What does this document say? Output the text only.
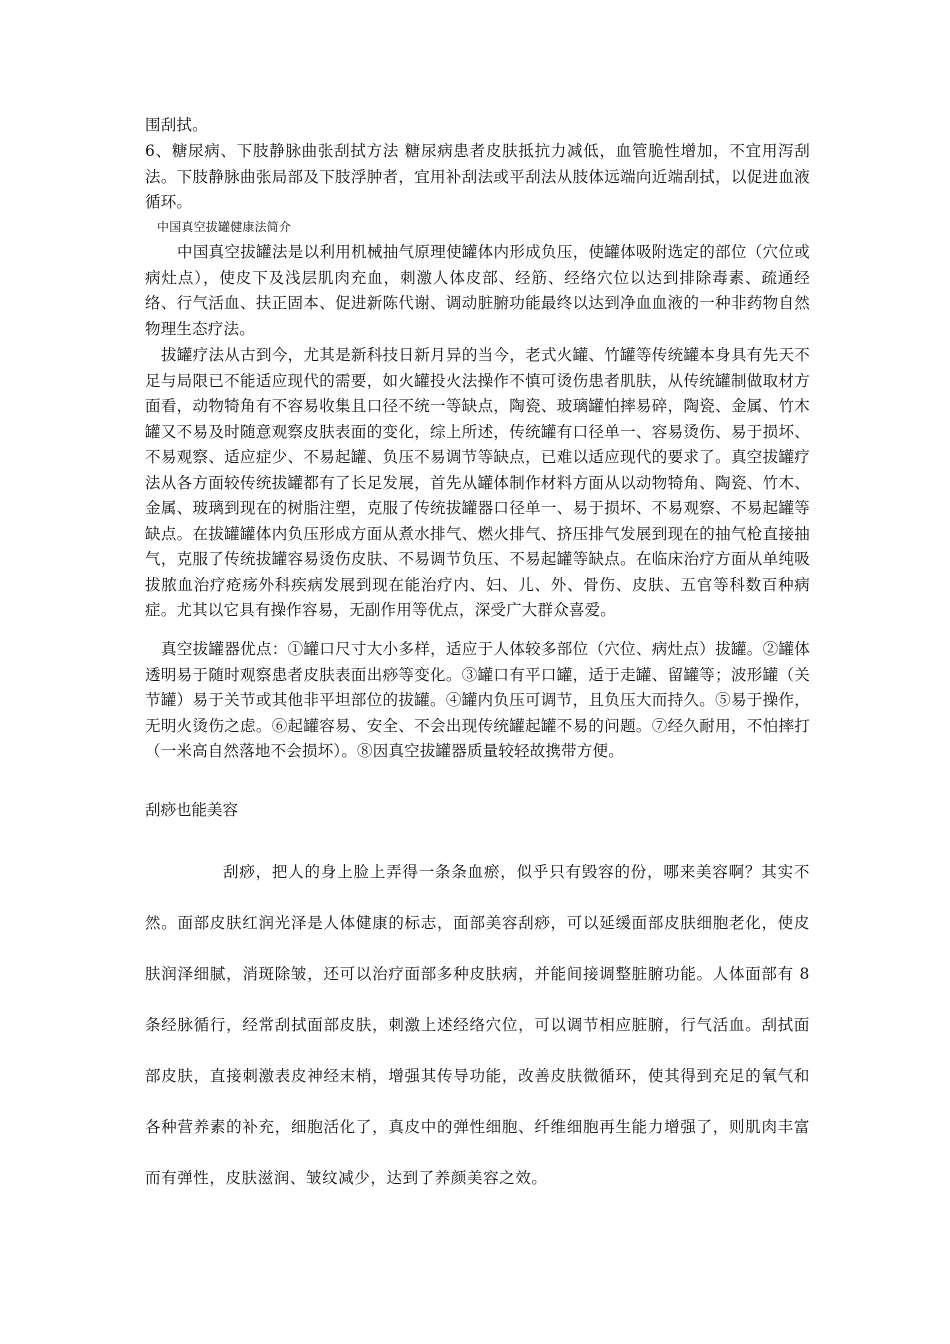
围刮拭。

6、糖尿病、下肢静脉曲张刮拭方法 糖尿病患者皮肤抵抗力减低，血管脆性增加，不宜用泻刮法。下肢静脉曲张局部及下肢浮肿者，宜用补刮法或平刮法从肢体远端向近端刮拭，以促进血液循环。

中国真空拔罐健康法简介

中国真空拔罐法是以利用机械抽气原理使罐体内形成负压，使罐体吸附选定的部位（穴位或病灶点），使皮下及浅层肌肉充血，刺激人体皮部、经筋、经络穴位以达到排除毒素、疏通经络、行气活血、扶正固本、促进新陈代谢、调动脏腑功能最终以达到净血血液的一种非药物自然物理生态疗法。

拔罐疗法从古到今，尤其是新科技日新月异的当今，老式火罐、竹罐等传统罐本身具有先天不足与局限已不能适应现代的需要，如火罐投火法操作不慎可烫伤患者肌肤，从传统罐制做取材方面看，动物犄角有不容易收集且口径不统一等缺点，陶瓷、玻璃罐怕摔易碎，陶瓷、金属、竹木罐又不易及时随意观察皮肤表面的变化，综上所述，传统罐有口径单一、容易烫伤、易于损坏、不易观察、适应症少、不易起罐、负压不易调节等缺点，已难以适应现代的要求了。真空拔罐疗法从各方面较传统拔罐都有了长足发展，首先从罐体制作材料方面从以动物犄角、陶瓷、竹木、金属、玻璃到现在的树脂注塑，克服了传统拔罐器口径单一、易于损坏、不易观察、不易起罐等缺点。在拔罐罐体内负压形成方面从煮水排气、燃火排气、挤压排气发展到现在的抽气枪直接抽气，克服了传统拔罐容易烫伤皮肤、不易调节负压、不易起罐等缺点。在临床治疗方面从单纯吸拔脓血治疗疮疡外科疾病发展到现在能治疗内、妇、儿、外、骨伤、皮肤、五官等科数百种病症。尤其以它具有操作容易，无副作用等优点，深受广大群众喜爱。

真空拔罐器优点：①罐口尺寸大小多样，适应于人体较多部位（穴位、病灶点）拔罐。②罐体透明易于随时观察患者皮肤表面出痧等变化。③罐口有平口罐，适于走罐、留罐等；波形罐（关节罐）易于关节或其他非平坦部位的拔罐。④罐内负压可调节，且负压大而持久。⑤易于操作，无明火烫伤之虑。⑥起罐容易、安全、不会出现传统罐起罐不易的问题。⑦经久耐用，不怕摔打（一米高自然落地不会损坏）。⑧因真空拔罐器质量较轻故携带方便。

刮痧也能美容

刮痧，把人的身上脸上弄得一条条血瘀，似乎只有毁容的份，哪来美容啊？其实不然。面部皮肤红润光泽是人体健康的标志，面部美容刮痧，可以延缓面部皮肤细胞老化，使皮肤润泽细腻，消斑除皱，还可以治疗面部多种皮肤病，并能间接调整脏腑功能。人体面部有 8 条经脉循行，经常刮拭面部皮肤，刺激上述经络穴位，可以调节相应脏腑，行气活血。刮拭面部皮肤，直接刺激表皮神经末梢，增强其传导功能，改善皮肤微循环，使其得到充足的氧气和各种营养素的补充，细胞活化了，真皮中的弹性细胞、纤维细胞再生能力增强了，则肌肉丰富而有弹性，皮肤滋润、皱纹减少，达到了养颜美容之效。
